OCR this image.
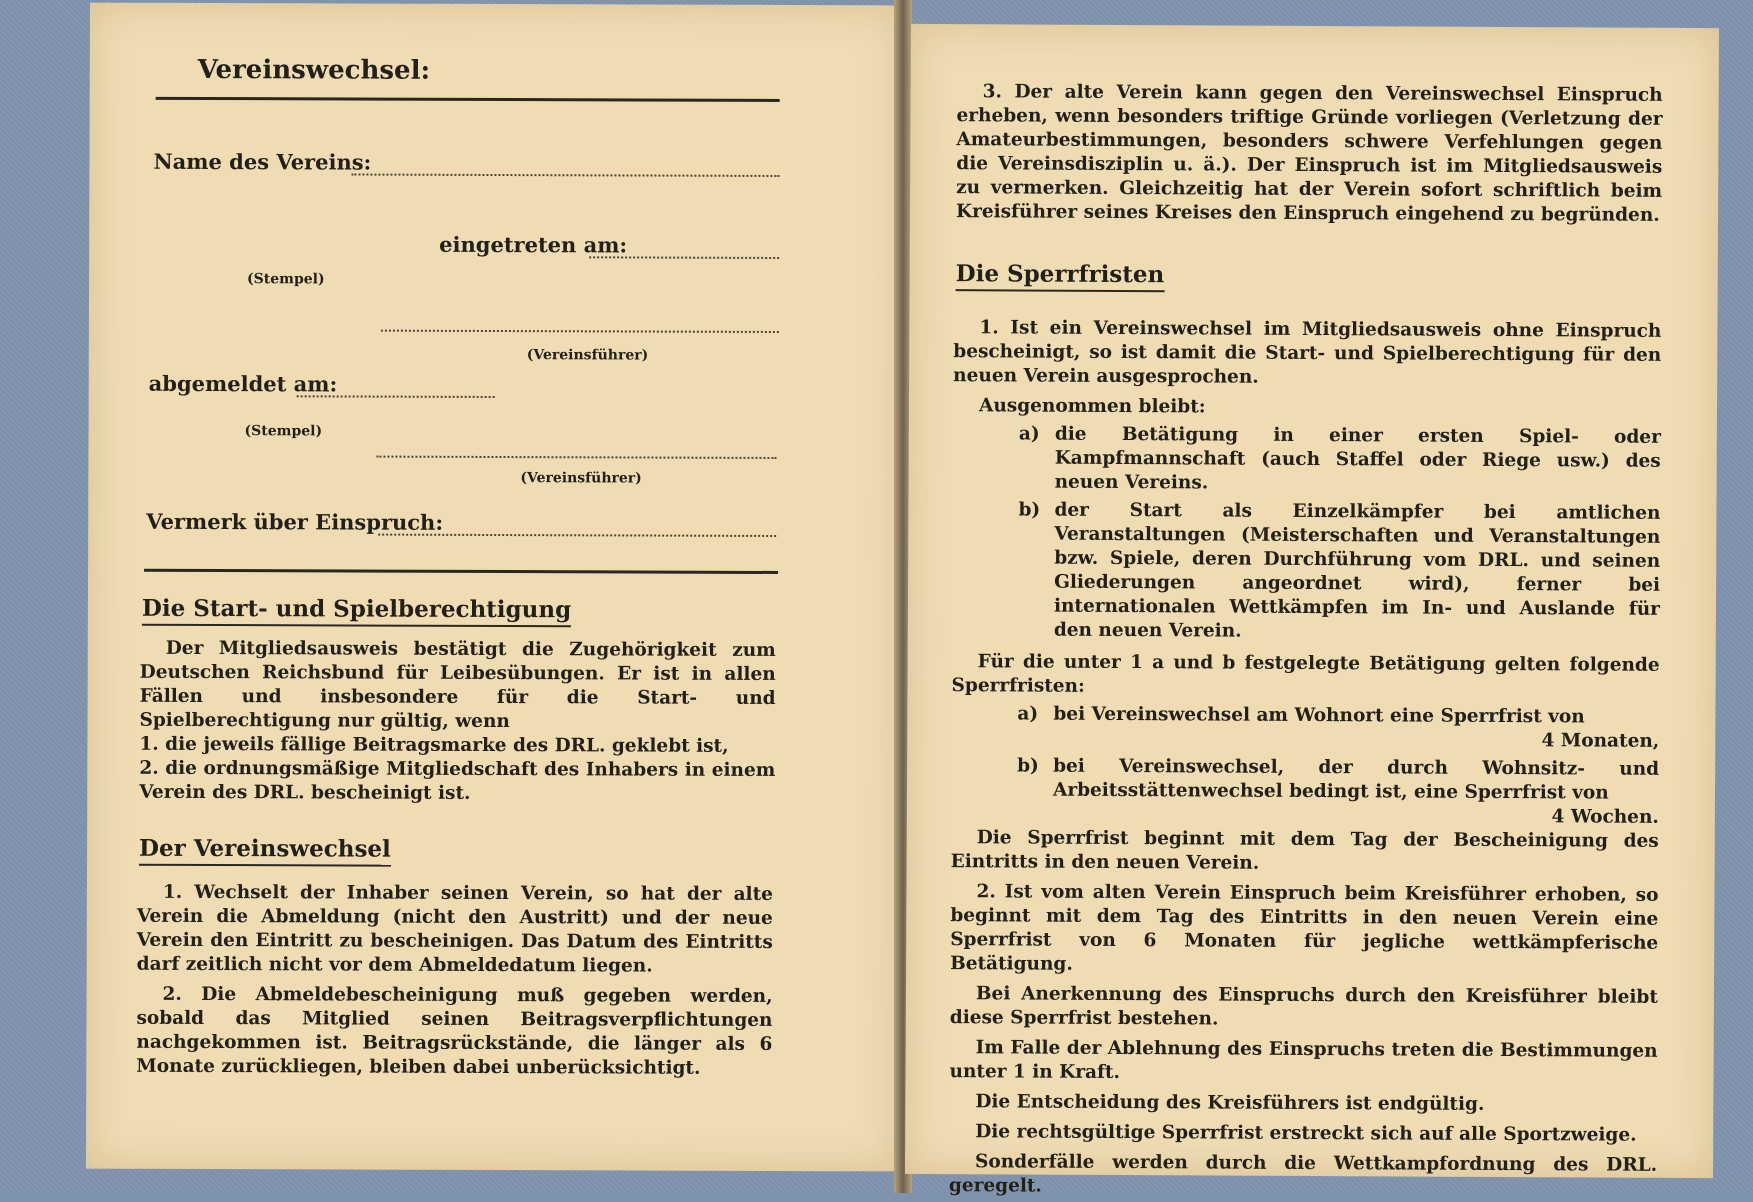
Vereinswechsel:
Name des Vereins:
eingetreten am:
(Stempel)
(Vereinsführer)
abgemeldet am:
(Stempel)
(Vereinsführer)
Vermerk über Einspruch:
Die Start- und Spielberechtigung

Der Mitgliedsausweis bestätigt die Zugehörigkeit zum Deutschen Reichsbund für Leibesübungen. Er ist in allen Fällen und insbesondere für die Start- und Spielberechtigung nur gültig, wenn

1. die jeweils fällige Beitragsmarke des DRL. geklebt ist,
2. die ordnungsmäßige Mitgliedschaft des Inhabers in einem Verein des DRL. bescheinigt ist.
Der Vereinswechsel

1. Wechselt der Inhaber seinen Verein, so hat der alte Verein die Abmeldung (nicht den Austritt) und der neue Verein den Eintritt zu bescheinigen. Das Datum des Eintritts darf zeitlich nicht vor dem Abmeldedatum liegen.

2. Die Abmeldebescheinigung muß gegeben werden, sobald das Mitglied seinen Beitragsverpflichtungen nachgekommen ist. Beitragsrückstände, die länger als 6 Monate zurückliegen, bleiben dabei unberücksichtigt.

3. Der alte Verein kann gegen den Vereinswechsel Einspruch erheben, wenn besonders triftige Gründe vorliegen (Verletzung der Amateurbestimmungen, besonders schwere Verfehlungen gegen die Vereinsdisziplin u. ä.). Der Einspruch ist im Mitgliedsausweis zu vermerken. Gleichzeitig hat der Verein sofort schriftlich beim Kreisführer seines Kreises den Einspruch eingehend zu begründen.

Die Sperrfristen

1. Ist ein Vereinswechsel im Mitgliedsausweis ohne Einspruch bescheinigt, so ist damit die Start- und Spielberechtigung für den neuen Verein ausgesprochen.

Ausgenommen bleibt:

a) die Betätigung in einer ersten Spiel- oder Kampfmannschaft (auch Staffel oder Riege usw.) des neuen Vereins.
b) der Start als Einzelkämpfer bei amtlichen Veranstaltungen (Meisterschaften und Veranstaltungen bzw. Spiele, deren Durchführung vom DRL. und seinen Gliederungen angeordnet wird), ferner bei internationalen Wettkämpfen im In- und Auslande für den neuen Verein.

Für die unter 1 a und b festgelegte Betätigung gelten folgende Sperrfristen:

a) bei Vereinswechsel am Wohnort eine Sperrfrist von
4 Monaten,
b) bei Vereinswechsel, der durch Wohnsitz- und Arbeitsstättenwechsel bedingt ist, eine Sperrfrist von
4 Wochen.

Die Sperrfrist beginnt mit dem Tag der Bescheinigung des Eintritts in den neuen Verein.

2. Ist vom alten Verein Einspruch beim Kreisführer erhoben, so beginnt mit dem Tag des Eintritts in den neuen Verein eine Sperrfrist von 6 Monaten für jegliche wettkämpferische Betätigung.

Bei Anerkennung des Einspruchs durch den Kreisführer bleibt diese Sperrfrist bestehen.

Im Falle der Ablehnung des Einspruchs treten die Bestimmungen unter 1 in Kraft.

Die Entscheidung des Kreisführers ist endgültig.

Die rechtsgültige Sperrfrist erstreckt sich auf alle Sportzweige.

Sonderfälle werden durch die Wettkampfordnung des DRL. geregelt.
